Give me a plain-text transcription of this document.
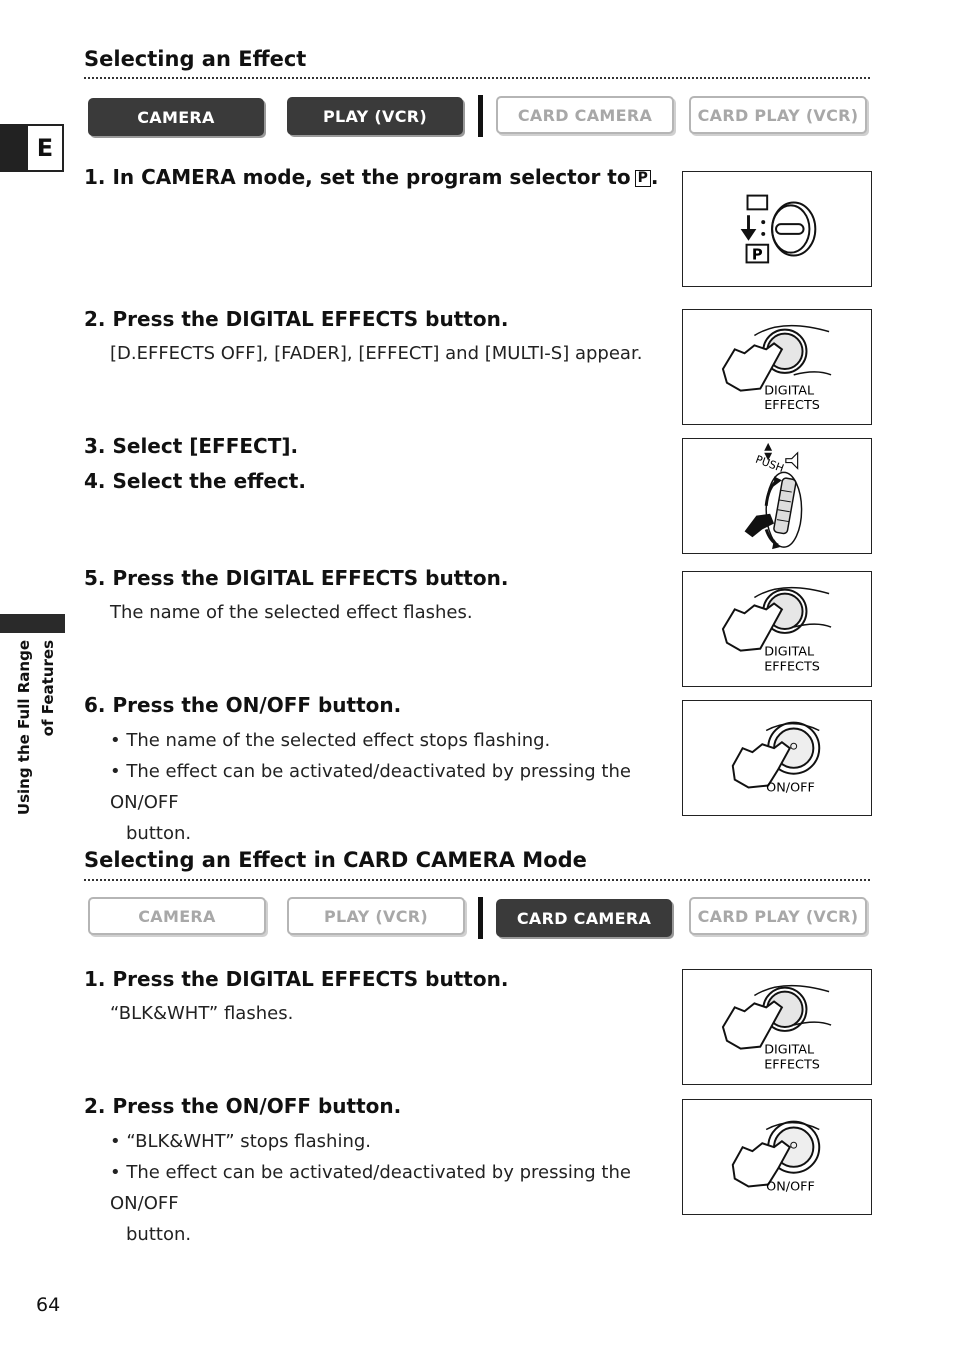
E
Using the Full Range of Features
Selecting an Effect
CAMERA	PLAY (VCR)	CARD CAMERA	CARD PLAY (VCR)
1. In CAMERA mode, set the program selector to P .
2. Press the DIGITAL EFFECTS button.
[D.EFFECTS OFF], [FADER], [EFFECT] and [MULTI-S] appear.
3. Select [EFFECT].
4. Select the effect.
5. Press the DIGITAL EFFECTS button.
The name of the selected effect flashes.
6. Press the ON/OFF button.
• The name of the selected effect stops flashing.
• The effect can be activated/deactivated by pressing the ON/OFF
button.
P
DIGITAL
EFFECTS
PUSH
DIGITAL
EFFECTS
ON/OFF
Selecting an Effect in CARD CAMERA Mode
CAMERA	PLAY (VCR)	CARD CAMERA	CARD PLAY (VCR)
1. Press the DIGITAL EFFECTS button.
“BLK&WHT” flashes.
2. Press the ON/OFF button.
• “BLK&WHT” stops flashing.
• The effect can be activated/deactivated by pressing the ON/OFF
button.
DIGITAL
EFFECTS
ON/OFF
64
